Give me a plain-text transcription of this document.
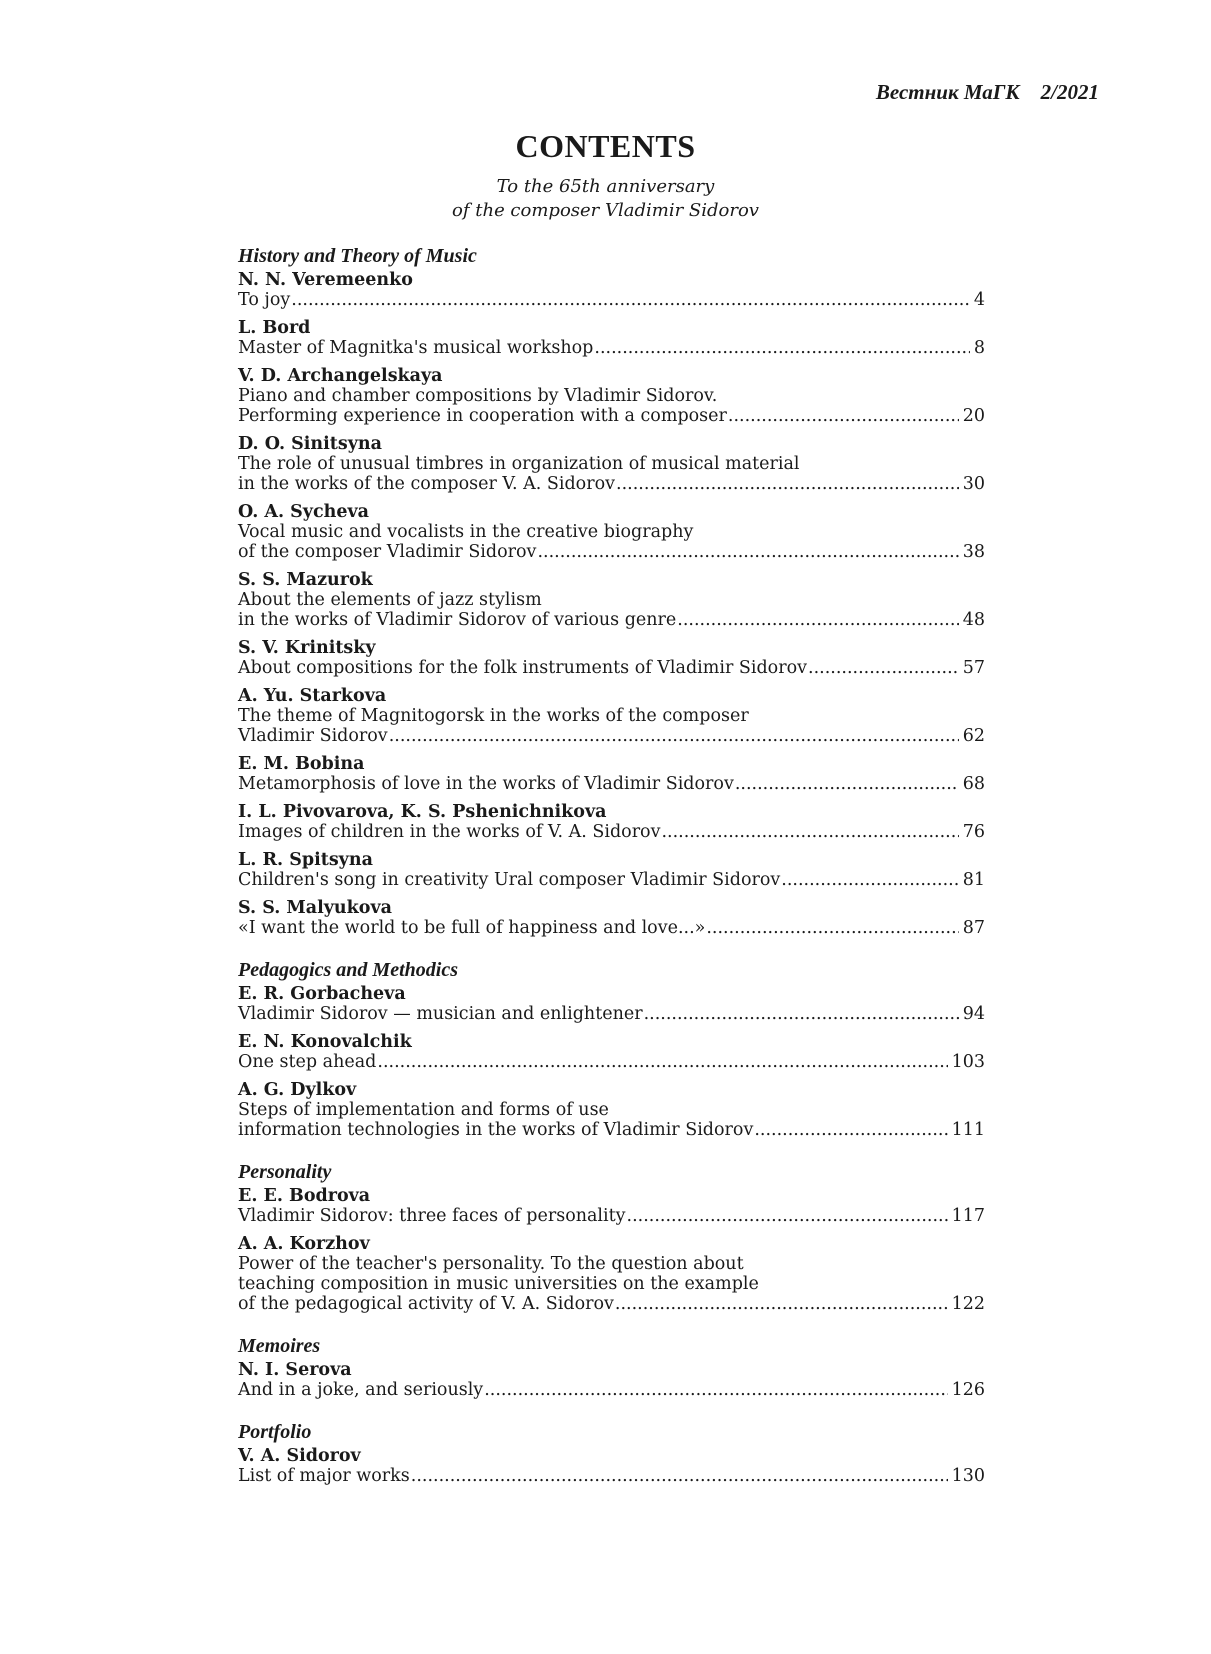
Вестник МаГК 2/2021
CONTENTS
To the 65th anniversary
of the composer Vladimir Sidorov
History and Theory of Music
N. N. Veremeenko
To joy .....	4
L. Bord
Master of Magnitka's musical workshop .....	8
V. D. Archangelskaya
Piano and chamber compositions by Vladimir Sidorov.
Performing experience in cooperation with a composer .....	20
D. O. Sinitsyna
The role of unusual timbres in organization of musical material
in the works of the composer V. A. Sidorov .....	30
O. A. Sycheva
Vocal music and vocalists in the creative biography
of the composer Vladimir Sidorov .....	38
S. S. Mazurok
About the elements of jazz stylism
in the works of Vladimir Sidorov of various genre .....	48
S. V. Krinitsky
About compositions for the folk instruments of Vladimir Sidorov .....	57
A. Yu. Starkova
The theme of Magnitogorsk in the works of the composer
Vladimir Sidorov .....	62
E. M. Bobina
Metamorphosis of love in the works of Vladimir Sidorov .....	68
I. L. Pivovarova, K. S. Pshenichnikova
Images of children in the works of V. A. Sidorov .....	76
L. R. Spitsyna
Children's song in creativity Ural composer Vladimir Sidorov .....	81
S. S. Malyukova
«I want the world to be full of happiness and love...» .....	87
Pedagogics and Methodics
E. R. Gorbacheva
Vladimir Sidorov — musician and enlightener .....	94
E. N. Konovalchik
One step ahead .....	103
A. G. Dylkov
Steps of implementation and forms of use
information technologies in the works of Vladimir Sidorov .....	111
Personality
E. E. Bodrova
Vladimir Sidorov: three faces of personality .....	117
A. A. Korzhov
Power of the teacher's personality. To the question about
teaching composition in music universities on the example
of the pedagogical activity of V. A. Sidorov .....	122
Memoires
N. I. Serova
And in a joke, and seriously .....	126
Portfolio
V. A. Sidorov
List of major works .....	130
